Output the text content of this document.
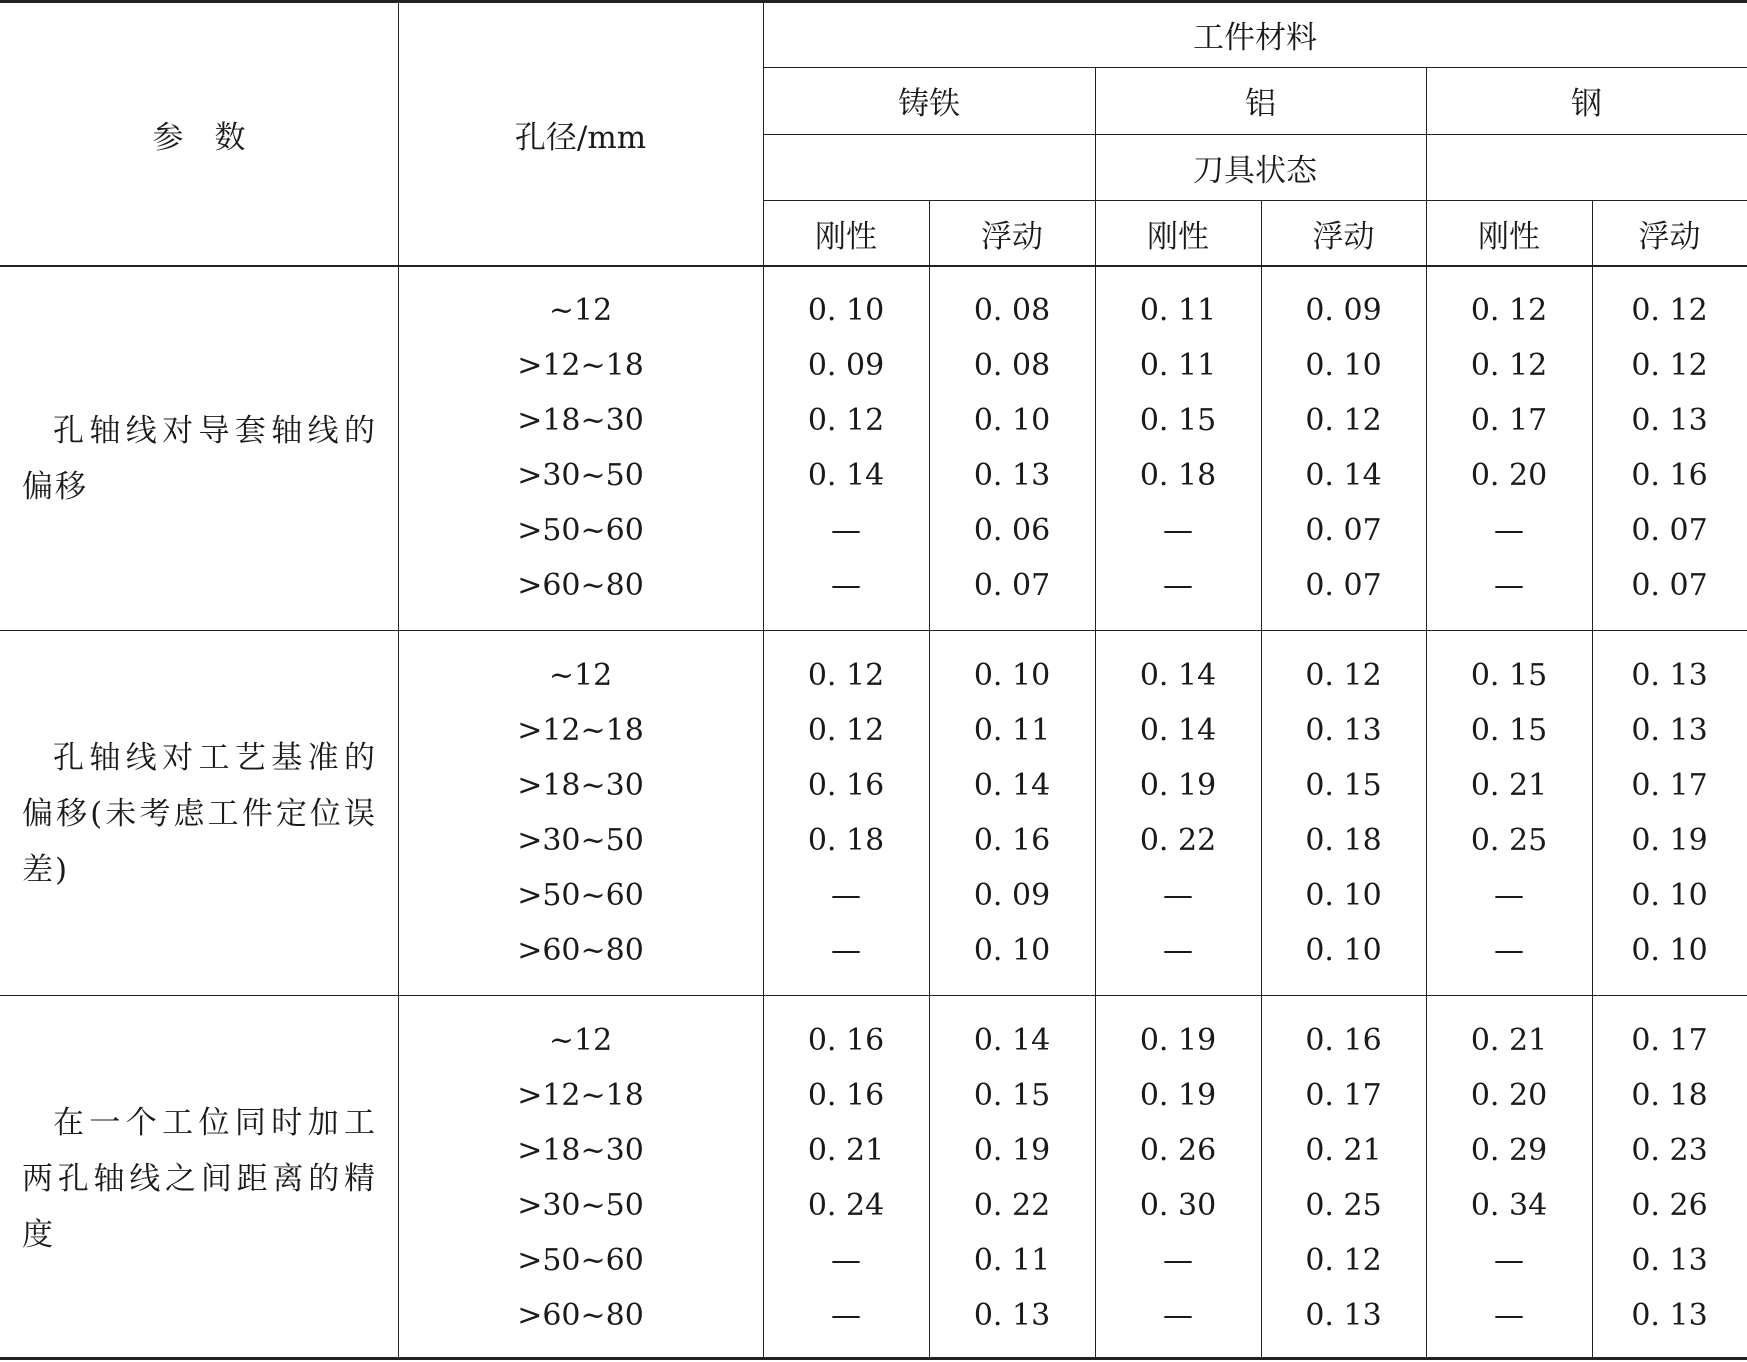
参　数	孔径/mm
工件材料
铸铁	铝	钢
刀具状态
刚性	浮动	刚性	浮动	刚性	浮动
孔轴线对导套轴线的偏移
~12	0. 10	0. 08	0. 11	0. 09	0. 12	0. 12
>12~18	0. 09	0. 08	0. 11	0. 10	0. 12	0. 12
>18~30	0. 12	0. 10	0. 15	0. 12	0. 17	0. 13
>30~50	0. 14	0. 13	0. 18	0. 14	0. 20	0. 16
>50~60	—	0. 06	—	0. 07	—	0. 07
>60~80	—	0. 07	—	0. 07	—	0. 07
孔轴线对工艺基准的偏移(未考虑工件定位误差)
~12	0. 12	0. 10	0. 14	0. 12	0. 15	0. 13
>12~18	0. 12	0. 11	0. 14	0. 13	0. 15	0. 13
>18~30	0. 16	0. 14	0. 19	0. 15	0. 21	0. 17
>30~50	0. 18	0. 16	0. 22	0. 18	0. 25	0. 19
>50~60	—	0. 09	—	0. 10	—	0. 10
>60~80	—	0. 10	—	0. 10	—	0. 10
在一个工位同时加工两孔轴线之间距离的精度
~12	0. 16	0. 14	0. 19	0. 16	0. 21	0. 17
>12~18	0. 16	0. 15	0. 19	0. 17	0. 20	0. 18
>18~30	0. 21	0. 19	0. 26	0. 21	0. 29	0. 23
>30~50	0. 24	0. 22	0. 30	0. 25	0. 34	0. 26
>50~60	—	0. 11	—	0. 12	—	0. 13
>60~80	—	0. 13	—	0. 13	—	0. 13
